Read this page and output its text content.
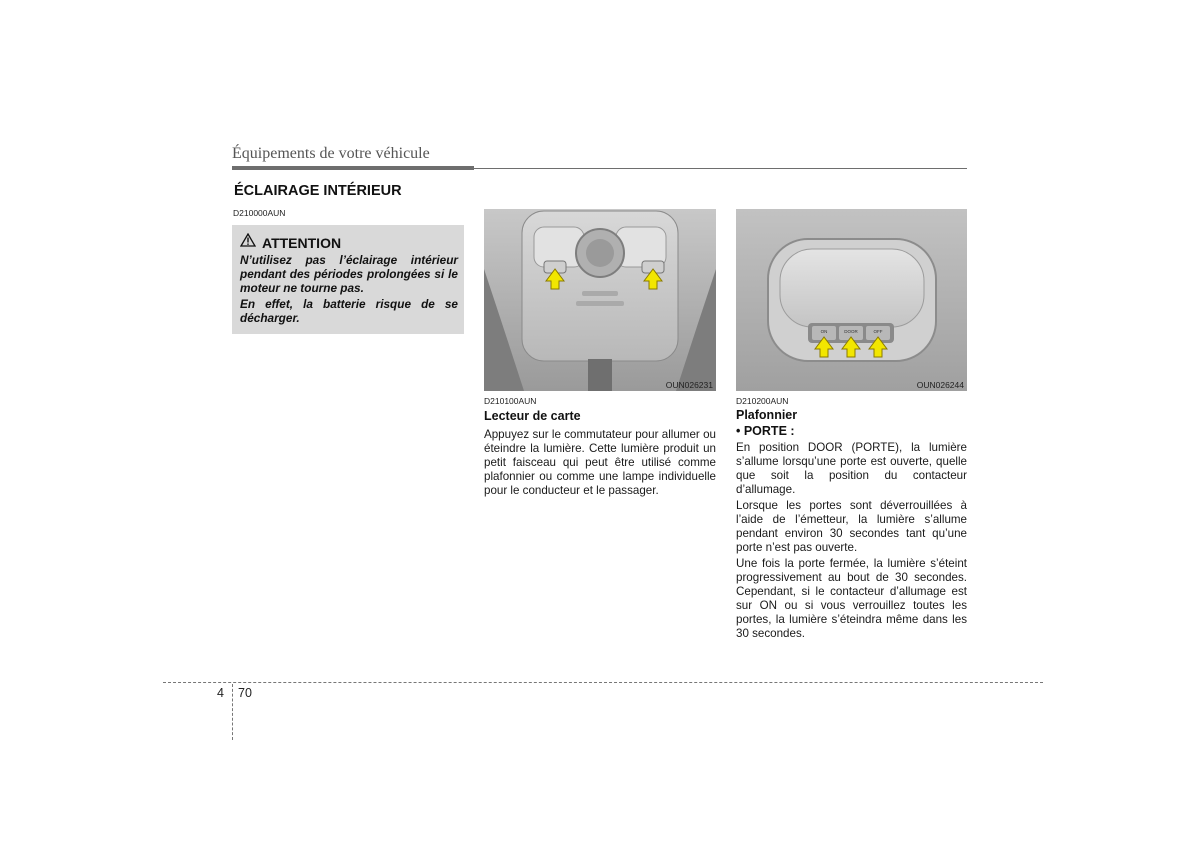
Équipements de votre véhicule
ÉCLAIRAGE INTÉRIEUR
D210000AUN
ATTENTION

N’utilisez pas l’éclairage intérieur pendant des périodes prolongées si le moteur ne tourne pas.

En effet, la batterie risque de se décharger.

OUN026231
ON	DOOR	OFF
OUN026244
D210100AUN
Lecteur de carte

Appuyez sur le commutateur pour allumer ou éteindre la lumière. Cette lumière produit un petit faisceau qui peut être utilisé comme plafonnier ou comme une lampe individuelle pour le conducteur et le passager.

D210200AUN
Plafonnier
• PORTE :

En position DOOR (PORTE), la lumière s’allume lorsqu’une porte est ouverte, quelle que soit la position du contacteur d’allumage.

Lorsque les portes sont déverrouillées à l’aide de l’émetteur, la lumière s’allume pendant environ 30 secondes tant qu’une porte n’est pas ouverte.

Une fois la porte fermée, la lumière s’éteint progressivement au bout de 30 secondes. Cependant, si le contacteur d’allumage est sur ON ou si vous verrouillez toutes les portes, la lumière s’éteindra même dans les 30 secondes.

4 70
